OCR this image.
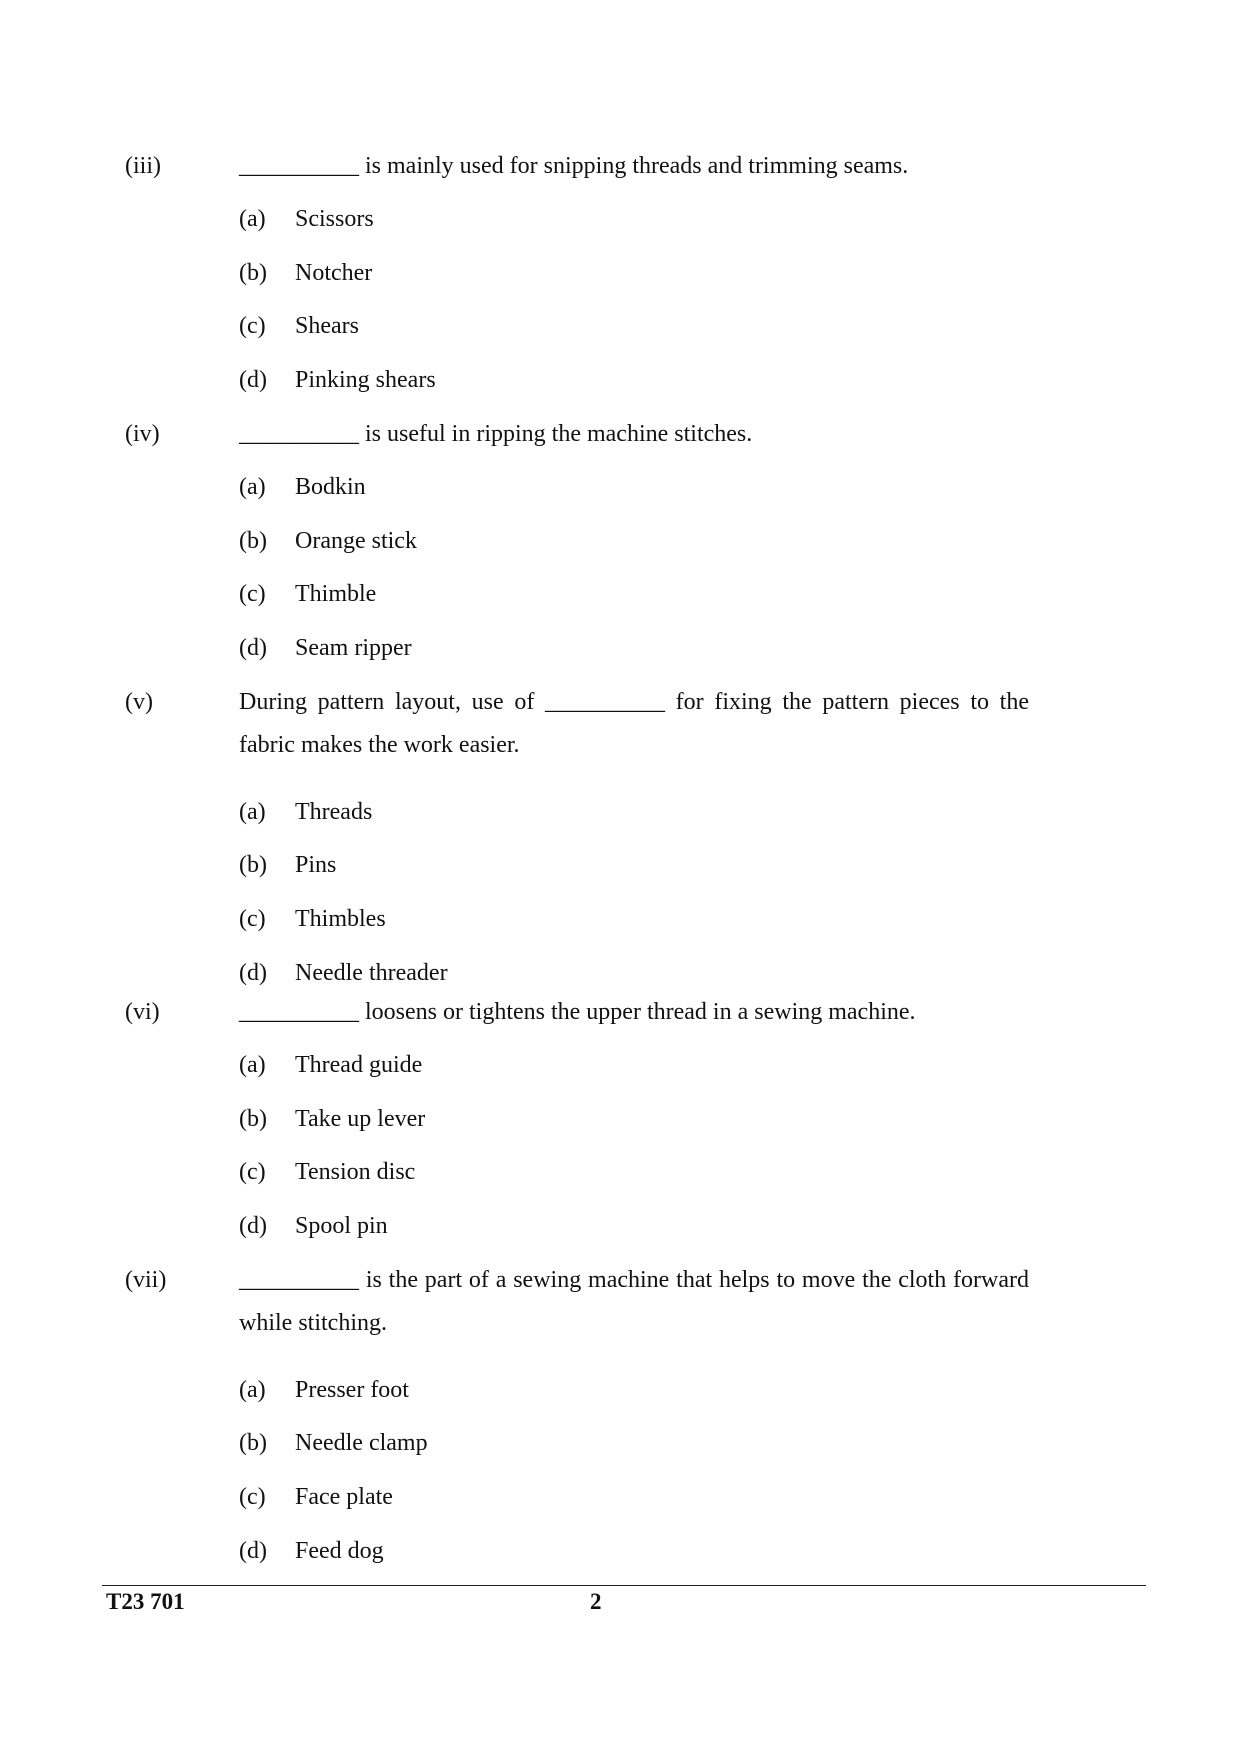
(iii)	__________ is mainly used for snipping threads and trimming seams.
(a) Scissors
(b) Notcher
(c) Shears
(d) Pinking shears
(iv)	__________ is useful in ripping the machine stitches.
(a) Bodkin
(b) Orange stick
(c) Thimble
(d) Seam ripper
(v)	During pattern layout, use of __________ for fixing the pattern pieces to the fabric makes the work easier.
(a) Threads
(b) Pins
(c) Thimbles
(d) Needle threader
(vi)	__________ loosens or tightens the upper thread in a sewing machine.
(a) Thread guide
(b) Take up lever
(c) Tension disc
(d) Spool pin
(vii)	__________ is the part of a sewing machine that helps to move the cloth forward while stitching.
(a) Presser foot
(b) Needle clamp
(c) Face plate
(d) Feed dog
T23 701	2
